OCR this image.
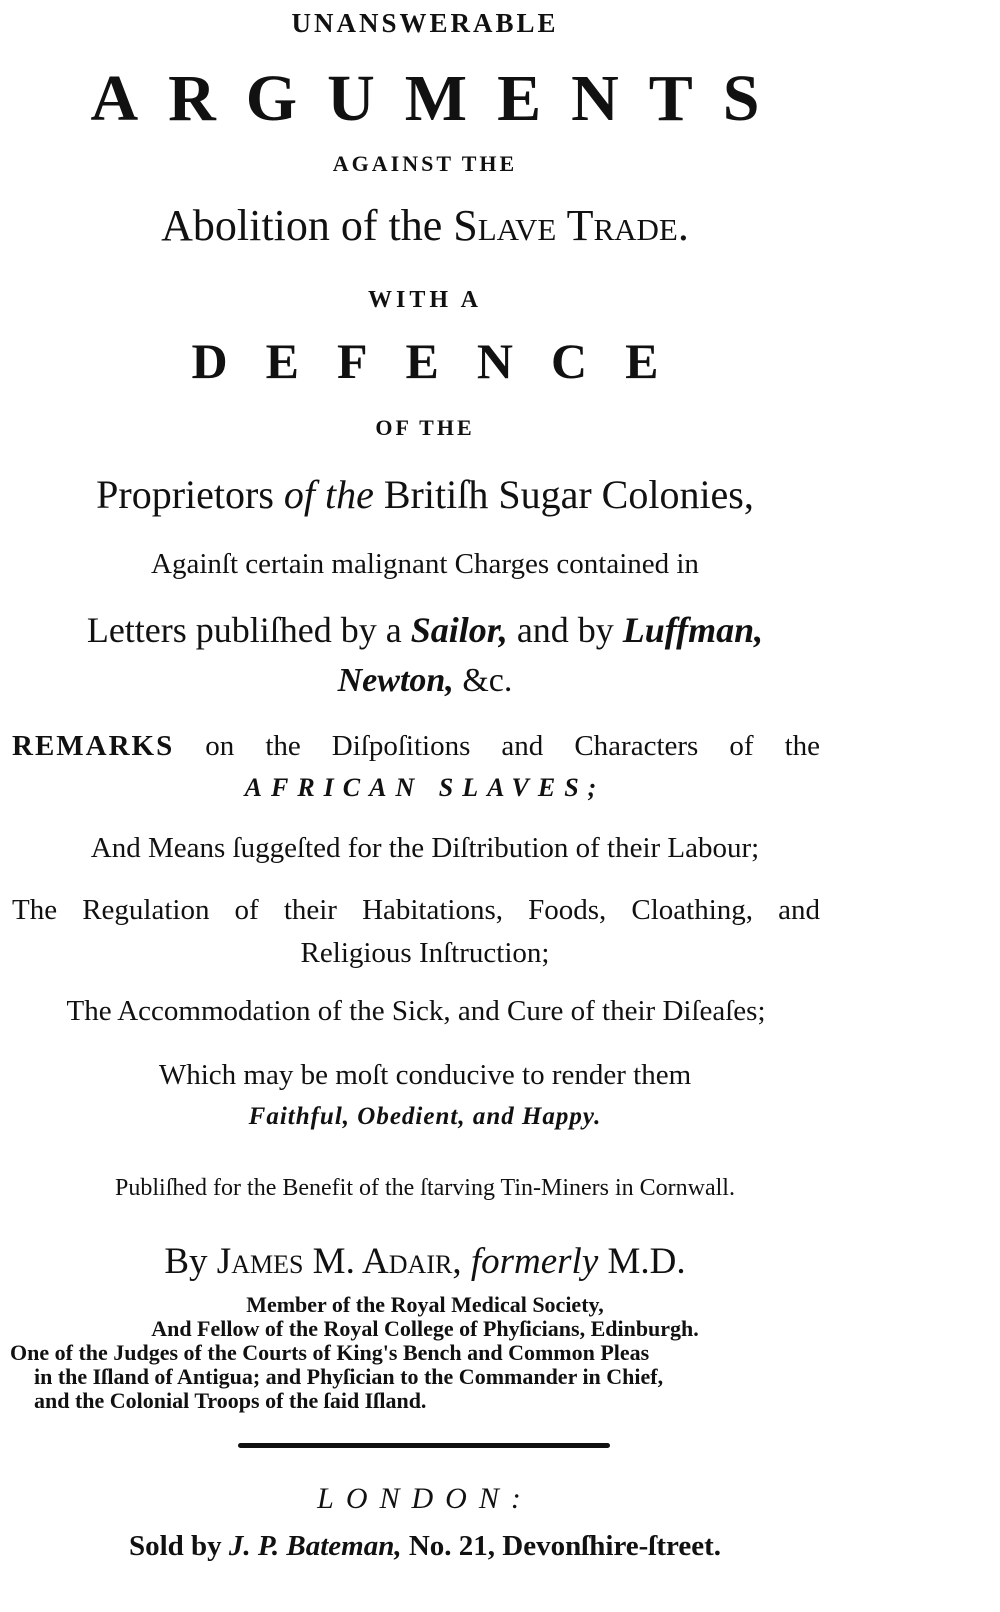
UNANSWERABLE
ARGUMENTS
AGAINST THE
Abolition of the Slave Trade.
WITH A
DEFENCE
OF THE
Proprietors of the Britiſh Sugar Colonies,
Againſt certain malignant Charges contained in
Letters publiſhed by a Sailor, and by Luffman,
Newton, &c.
REMARKS on the Diſpoſitions and Characters of the
AFRICAN SLAVES;
And Means ſuggeſted for the Diſtribution of their Labour;
The Regulation of their Habitations, Foods, Cloathing, and
Religious Inſtruction;
The Accommodation of the Sick, and Cure of their Diſeaſes;
Which may be moſt conducive to render them
Faithful, Obedient, and Happy.
Publiſhed for the Benefit of the ſtarving Tin-Miners in Cornwall.
By James M. Adair, formerly M.D.
Member of the Royal Medical Society,
And Fellow of the Royal College of Phyſicians, Edinburgh.
One of the Judges of the Courts of King's Bench and Common Pleas
in the Iſland of Antigua; and Phyſician to the Commander in Chief,
and the Colonial Troops of the ſaid Iſland.
LONDON:
Sold by J. P. Bateman, No. 21, Devonſhire-ſtreet.
